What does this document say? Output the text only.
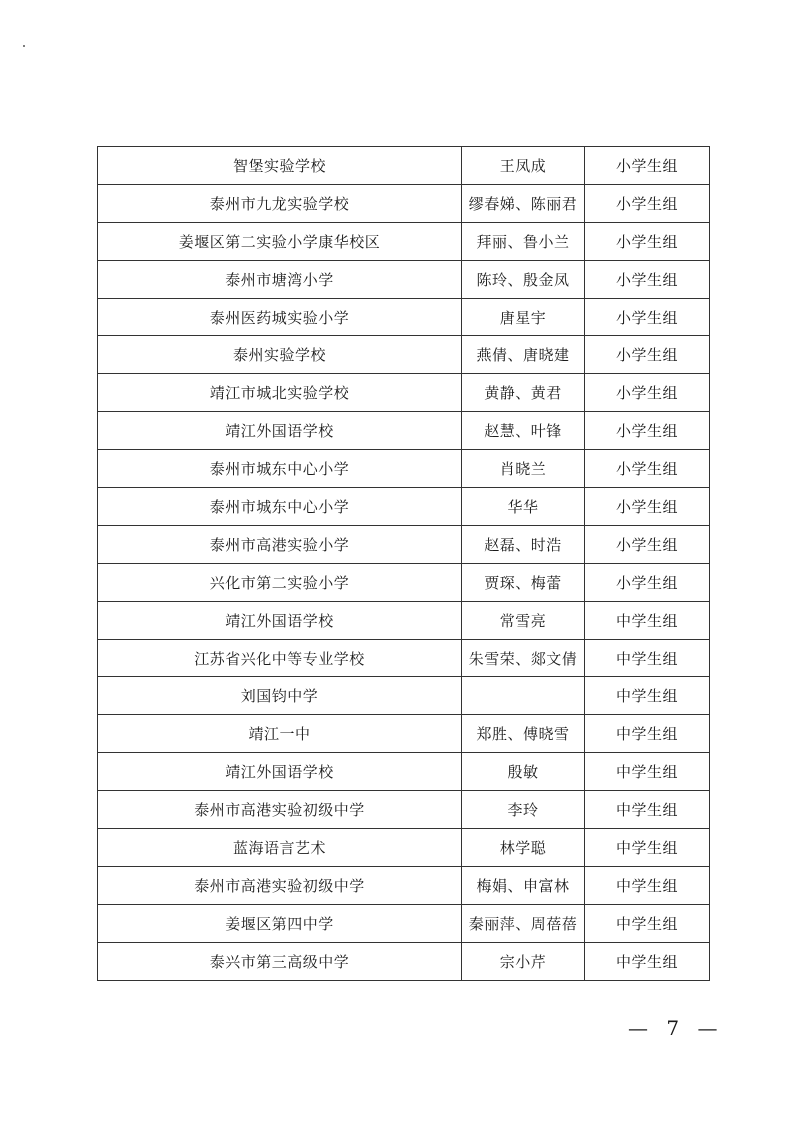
智堡实验学校	王凤成	小学生组
泰州市九龙实验学校	缪春娣、陈丽君	小学生组
姜堰区第二实验小学康华校区	拜丽、鲁小兰	小学生组
泰州市塘湾小学	陈玲、殷金凤	小学生组
泰州医药城实验小学	唐星宇	小学生组
泰州实验学校	燕倩、唐晓建	小学生组
靖江市城北实验学校	黄静、黄君	小学生组
靖江外国语学校	赵慧、叶锋	小学生组
泰州市城东中心小学	肖晓兰	小学生组
泰州市城东中心小学	华华	小学生组
泰州市高港实验小学	赵磊、时浩	小学生组
兴化市第二实验小学	贾琛、梅蕾	小学生组
靖江外国语学校	常雪亮	中学生组
江苏省兴化中等专业学校	朱雪荣、郯文倩	中学生组
刘国钧中学		中学生组
靖江一中	郑胜、傅晓雪	中学生组
靖江外国语学校	殷敏	中学生组
泰州市高港实验初级中学	李玲	中学生组
蓝海语言艺术	林学聪	中学生组
泰州市高港实验初级中学	梅娟、申富林	中学生组
姜堰区第四中学	秦丽萍、周蓓蓓	中学生组
泰兴市第三高级中学	宗小芹	中学生组
— 7 —
